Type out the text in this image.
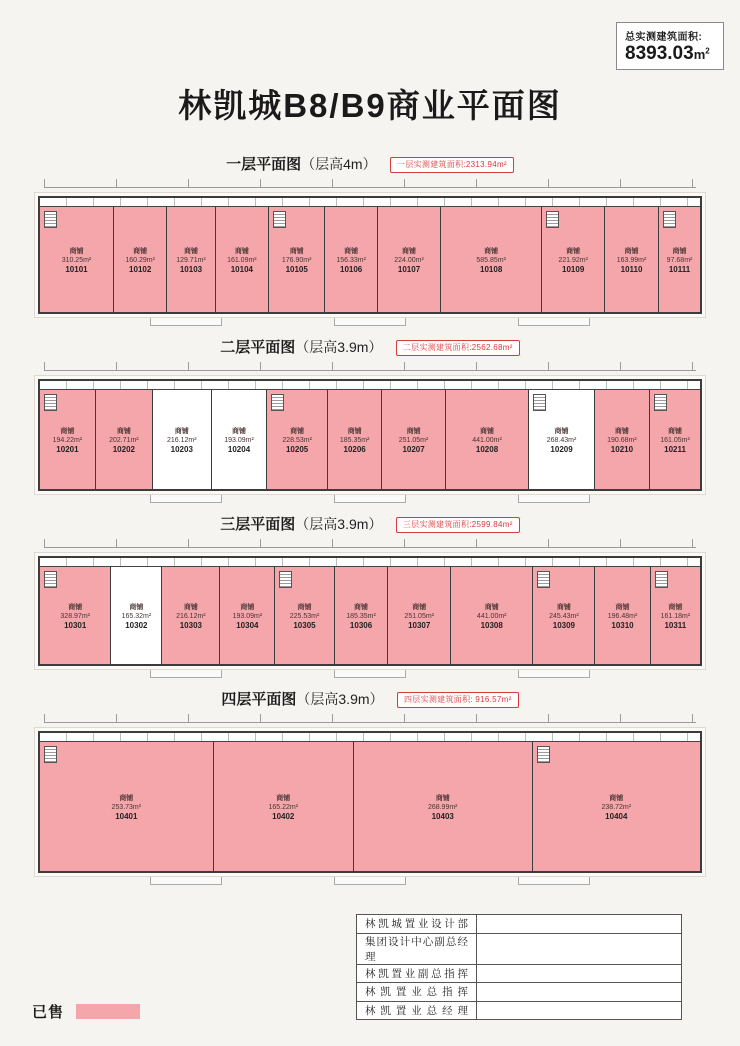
总实测建筑面积:
$8393.03m^2$
林凯城B8/B9商业平面图
一层平面图（层高4m）	一层实测建筑面积:2313.94m²
商铺
310.25m²
10101
商铺
160.29m²
10102
商铺
129.71m²
10103
商铺
161.09m²
10104
商铺
176.90m²
10105
商铺
156.33m²
10106
商铺
224.00m²
10107
商铺
585.85m²
10108
商铺
221.92m²
10109
商铺
163.99m²
10110
商铺
97.68m²
10111
二层平面图（层高3.9m）	二层实测建筑面积:2562.68m²
商铺
194.22m²
10201
商铺
202.71m²
10202
商铺
216.12m²
10203
商铺
193.09m²
10204
商铺
228.53m²
10205
商铺
185.35m²
10206
商铺
251.05m²
10207
商铺
441.00m²
10208
商铺
268.43m²
10209
商铺
190.68m²
10210
商铺
161.05m²
10211
三层平面图（层高3.9m）	三层实测建筑面积:2599.84m²
商铺
328.97m²
10301
商铺
165.32m²
10302
商铺
216.12m²
10303
商铺
193.09m²
10304
商铺
225.53m²
10305
商铺
185.35m²
10306
商铺
251.05m²
10307
商铺
441.00m²
10308
商铺
245.43m²
10309
商铺
196.48m²
10310
商铺
161.18m²
10311
四层平面图（层高3.9m）	四层实测建筑面积: 916.57m²
商铺
253.73m²
10401
商铺
165.22m²
10402
商铺
268.99m²
10403
商铺
238.72m²
10404
已售
林凯城置业设计部	
集团设计中心副总经理	
林凯置业副总指挥	
林凯置业总指挥	
林凯置业总经理	
